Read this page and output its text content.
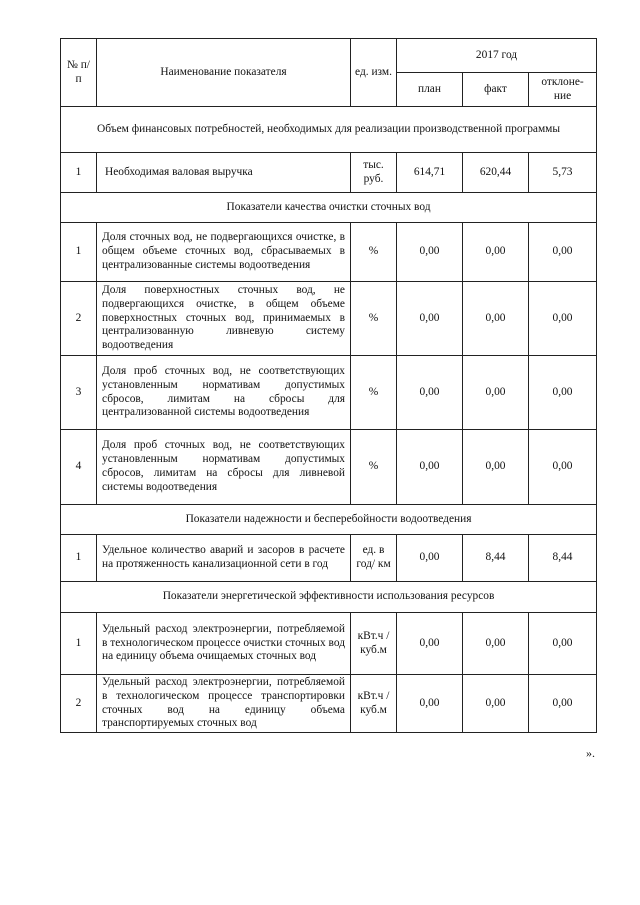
№ п/п	Наименование показателя	ед. изм.	2017 год		
			план	факт	отклоне-ние
Объем финансовых потребностей, необходимых для реализации производственной программы					
1	Необходимая валовая выручка	тыс. руб.	614,71	620,44	5,73
Показатели качества очистки сточных вод					
1	Доля сточных вод, не подвергающихся очистке, в общем объеме сточных вод, сбрасываемых в централизованные системы водоотведения	%	0,00	0,00	0,00
2	Доля поверхностных сточных вод, не подвергающихся очистке, в общем объеме поверхностных сточных вод, принимаемых в централизованную ливневую систему водоотведения	%	0,00	0,00	0,00
3	Доля проб сточных вод, не соответствующих установленным нормативам допустимых сбросов, лимитам на сбросы для централизованной системы водоотведения	%	0,00	0,00	0,00
4	Доля проб сточных вод, не соответствующих установленным нормативам допустимых сбросов, лимитам на сбросы для ливневой системы водоотведения	%	0,00	0,00	0,00
Показатели надежности и бесперебойности водоотведения					
1	Удельное количество аварий и засоров в расчете на протяженность канализационной сети в год	ед. в год/ км	0,00	8,44	8,44
Показатели энергетической эффективности использования ресурсов					
1	Удельный расход электроэнергии, потребляемой в технологическом процессе очистки сточных вод на единицу объема очищаемых сточных вод	кВт.ч / куб.м	0,00	0,00	0,00
2	Удельный расход электроэнергии, потребляемой в технологическом процессе транспортировки сточных вод на единицу объема транспортируемых сточных вод	кВт.ч / куб.м	0,00	0,00	0,00
».
